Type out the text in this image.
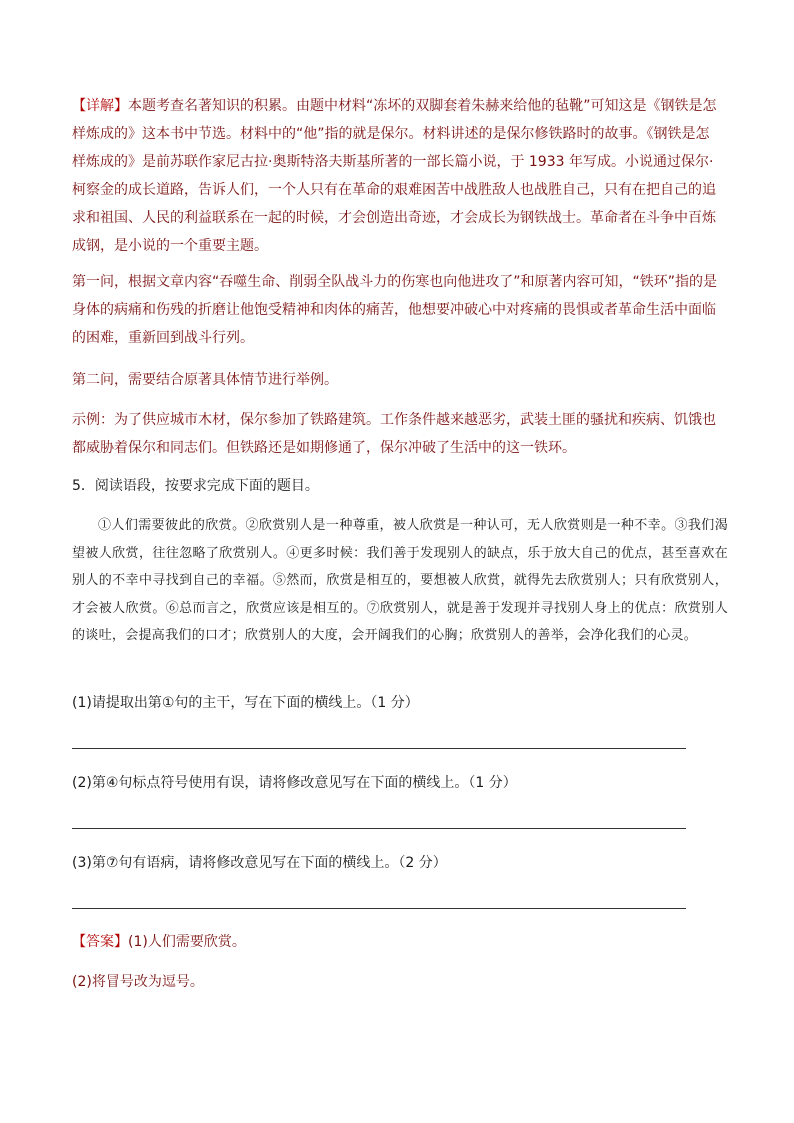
【详解】本题考查名著知识的积累。由题中材料“冻坏的双脚套着朱赫来给他的毡靴”可知这是《钢铁是怎样炼成的》这本书中节选。材料中的“他”指的就是保尔。材料讲述的是保尔修铁路时的故事。《钢铁是怎样炼成的》是前苏联作家尼古拉·奥斯特洛夫斯基所著的一部长篇小说，于 1933 年写成。小说通过保尔·柯察金的成长道路，告诉人们，一个人只有在革命的艰难困苦中战胜敌人也战胜自己，只有在把自己的追求和祖国、人民的利益联系在一起的时候，才会创造出奇迹，才会成长为钢铁战士。革命者在斗争中百炼成钢，是小说的一个重要主题。
第一问，根据文章内容“吞噬生命、削弱全队战斗力的伤寒也向他进攻了”和原著内容可知，“铁环”指的是身体的病痛和伤残的折磨让他饱受精神和肉体的痛苦，他想要冲破心中对疼痛的畏惧或者革命生活中面临的困难，重新回到战斗行列。
第二问，需要结合原著具体情节进行举例。
示例：为了供应城市木材，保尔参加了铁路建筑。工作条件越来越恶劣，武装土匪的骚扰和疾病、饥饿也都威胁着保尔和同志们。但铁路还是如期修通了，保尔冲破了生活中的这一铁环。
5．阅读语段，按要求完成下面的题目。
①人们需要彼此的欣赏。②欣赏别人是一种尊重，被人欣赏是一种认可，无人欣赏则是一种不幸。③我们渴望被人欣赏，往往忽略了欣赏别人。④更多时候：我们善于发现别人的缺点，乐于放大自己的优点，甚至喜欢在别人的不幸中寻找到自己的幸福。⑤然而，欣赏是相互的，要想被人欣赏，就得先去欣赏别人；只有欣赏别人，才会被人欣赏。⑥总而言之，欣赏应该是相互的。⑦欣赏别人，就是善于发现并寻找别人身上的优点：欣赏别人的谈吐，会提高我们的口才；欣赏别人的大度，会开阔我们的心胸；欣赏别人的善举，会净化我们的心灵。
(1)请提取出第①句的主干，写在下面的横线上。（1 分）
(2)第④句标点符号使用有误，请将修改意见写在下面的横线上。（1 分）
(3)第⑦句有语病，请将修改意见写在下面的横线上。（2 分）
【答案】(1)人们需要欣赏。
(2)将冒号改为逗号。
